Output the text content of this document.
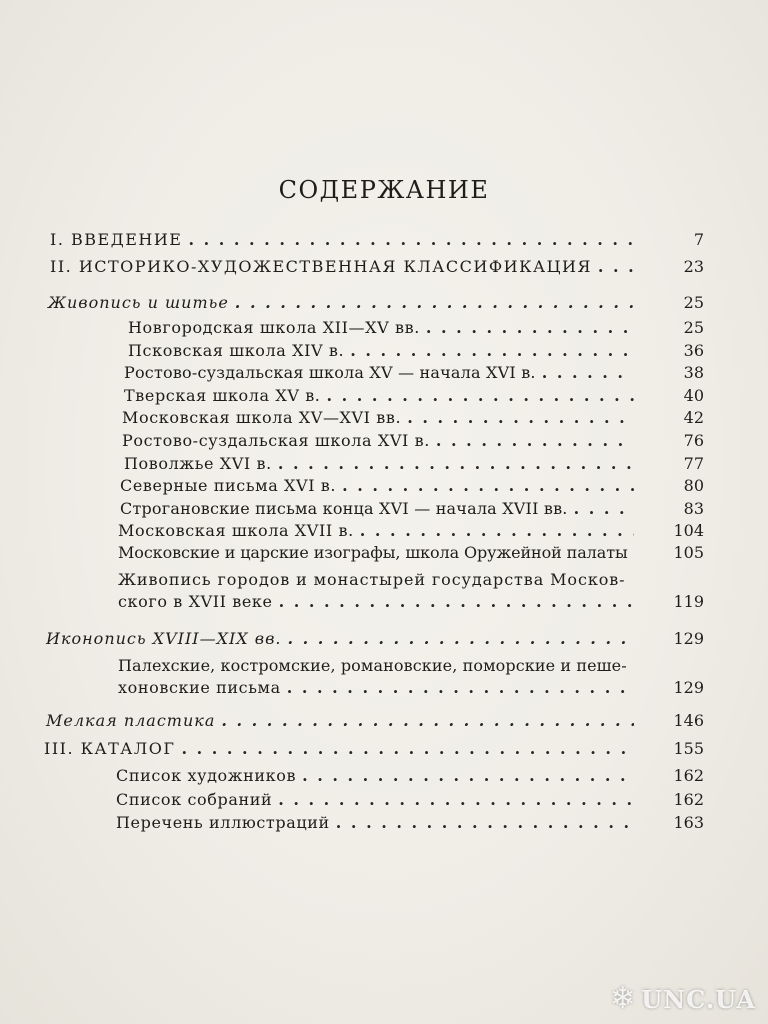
СОДЕРЖАНИЕ
I. ВВЕДЕНИЕ . . .	7
II. ИСТОРИКО-ХУДОЖЕСТВЕННАЯ КЛАССИФИКАЦИЯ . . .	23
Живопись и шитье . . .	25
Новгородская школа XII—XV вв. . . .	25
Псковская школа XIV в. . . .	36
Ростово-суздальская школа XV — начала XVI в. . . .	38
Тверская школа XV в. . . .	40
Московская школа XV—XVI вв. . . .	42
Ростово-суздальская школа XVI в. . . .	76
Поволжье XVI в. . . .	77
Северные письма XVI в. . . .	80
Строгановские письма конца XVI — начала XVII вв. . . .	83
Московская школа XVII в. . . .	104
Московские и царские изографы, школа Оружейной палаты	105
Живопись городов и монастырей государства Москов-
ского в XVII веке . . .	119
Иконопись XVIII—XIX вв. . . .	129
Палехские, костромские, романовские, поморские и пеше-
хоновские письма . . .	129
Мелкая пластика . . .	146
III. КАТАЛОГ . . .	155
Список художников . . .	162
Список собраний . . .	162
Перечень иллюстраций . . .	163
❄ UNC.UA
